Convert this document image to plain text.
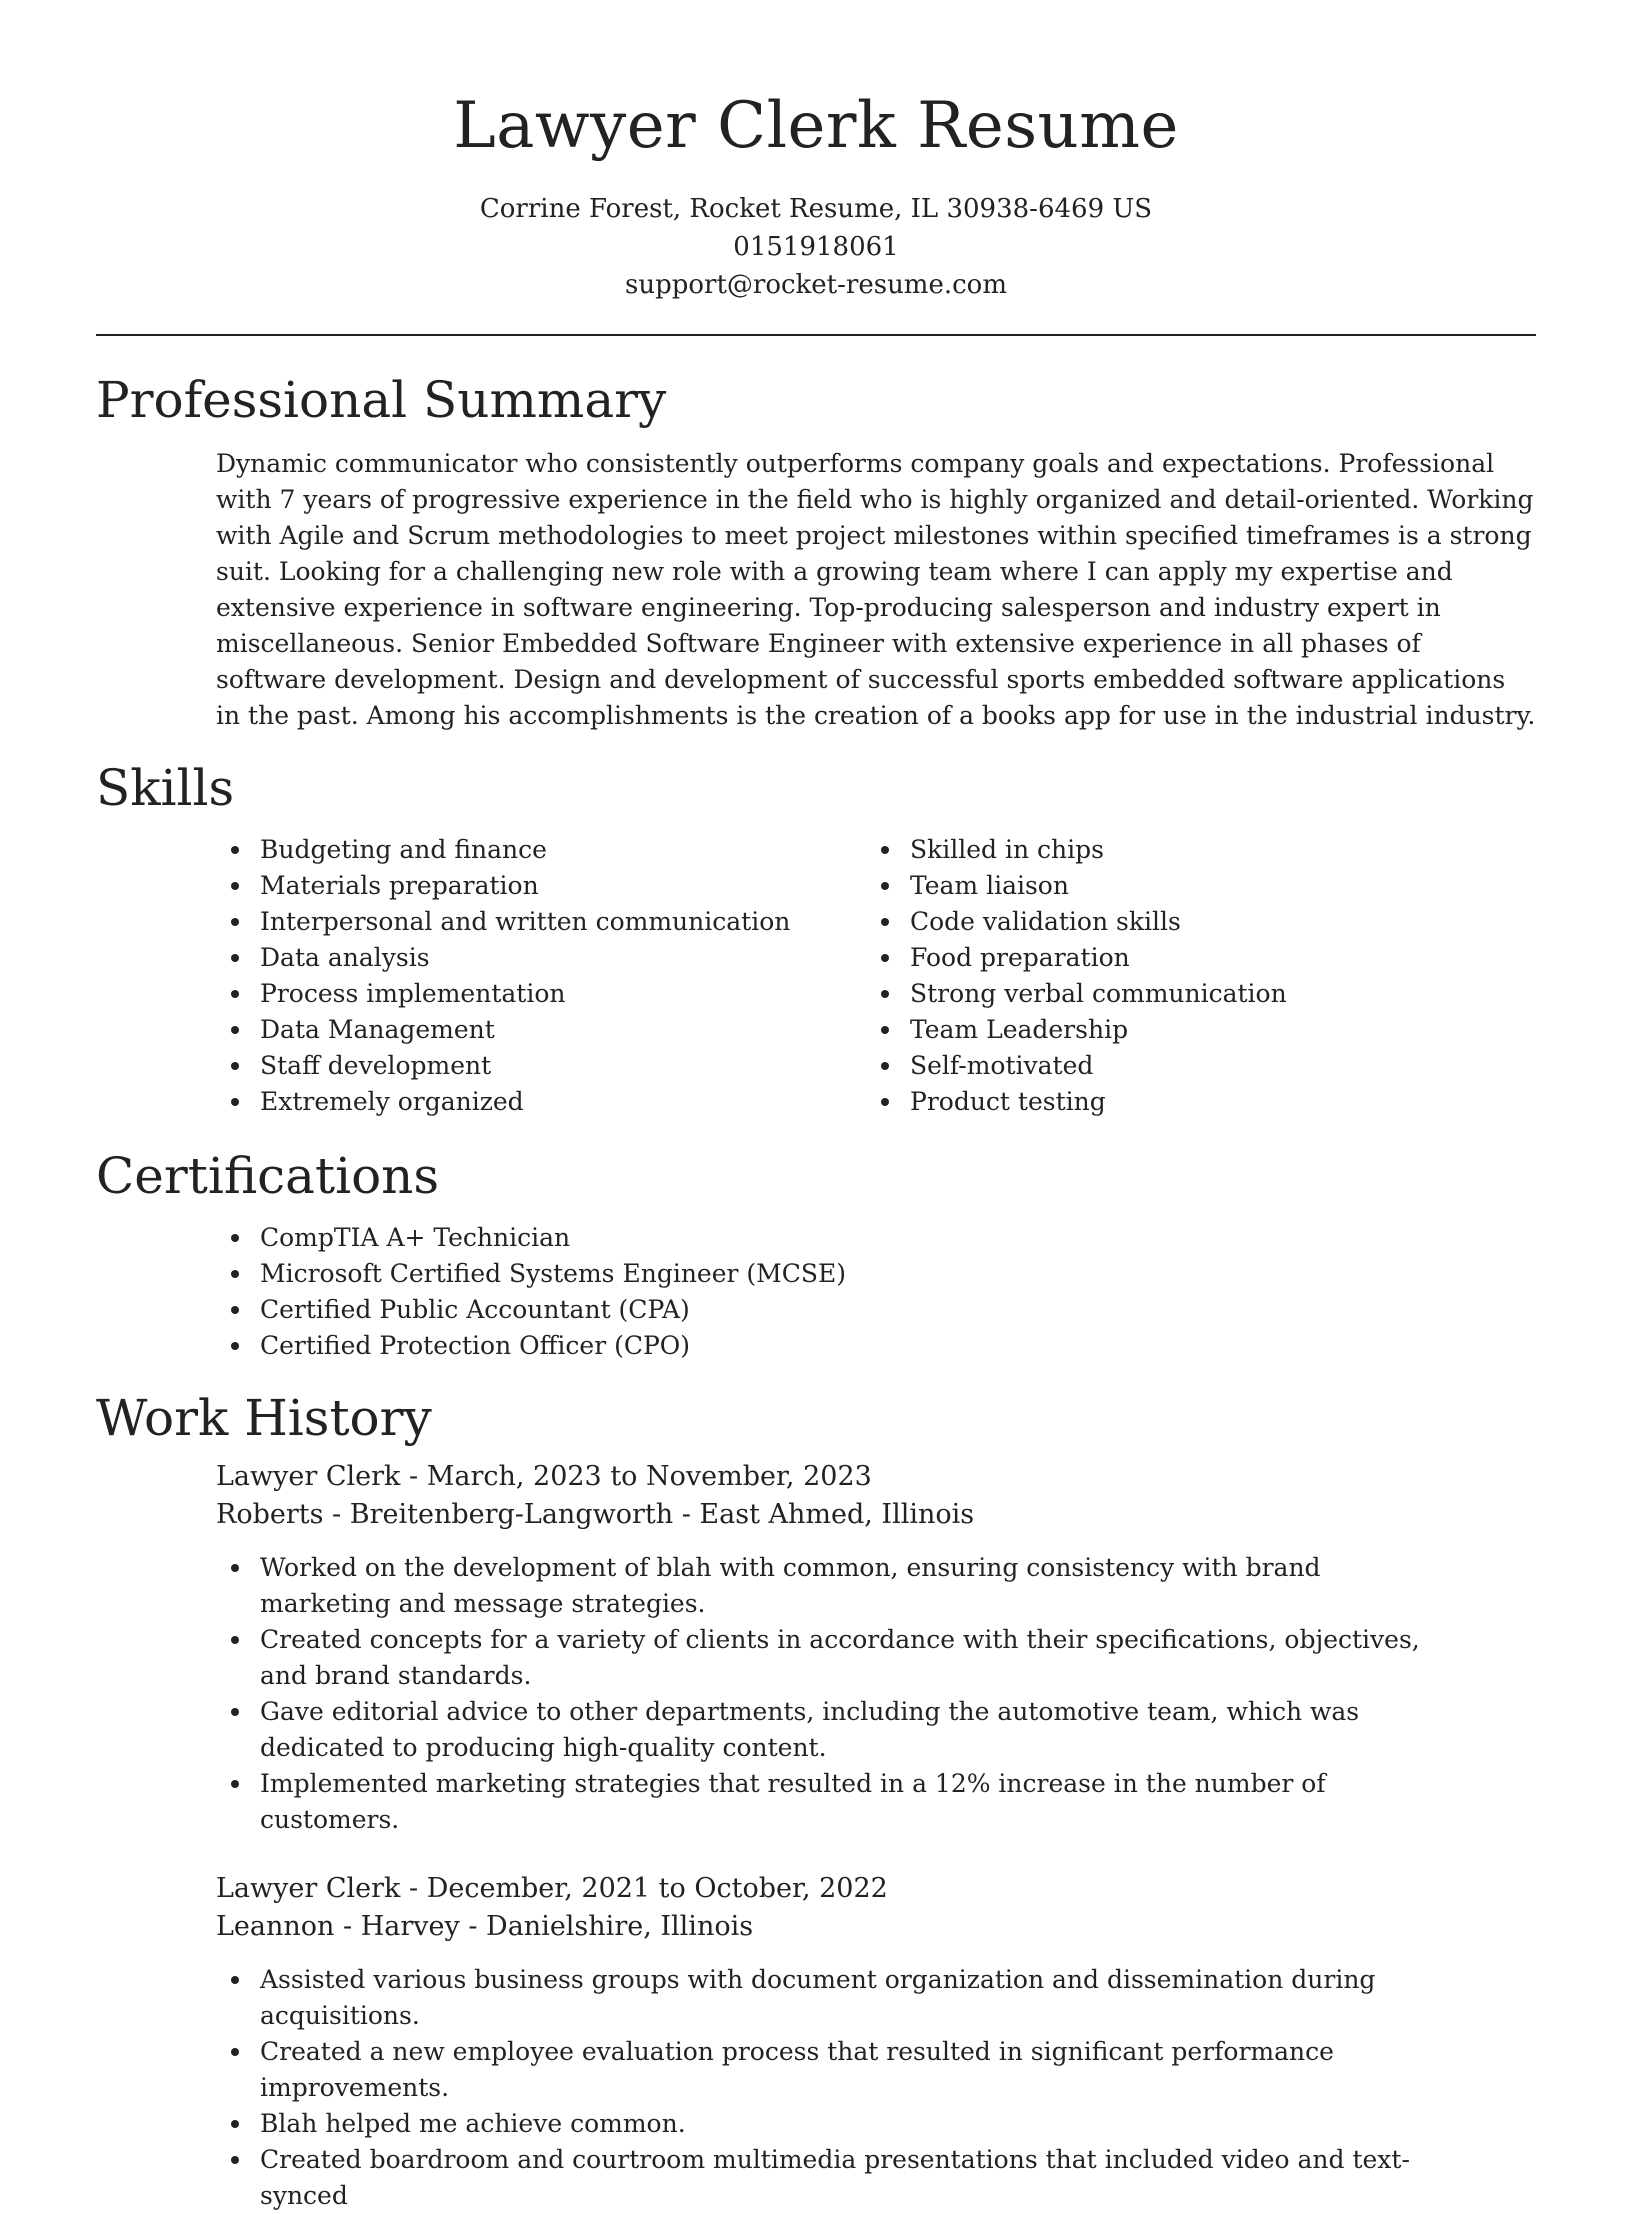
Lawyer Clerk Resume
Corrine Forest, Rocket Resume, IL 30938-6469 US
0151918061
support@rocket-resume.com
Professional Summary
Dynamic communicator who consistently outperforms company goals and expectations. Professional with 7 years of progressive experience in the field who is highly organized and detail-oriented. Working with Agile and Scrum methodologies to meet project milestones within specified timeframes is a strong suit. Looking for a challenging new role with a growing team where I can apply my expertise and extensive experience in software engineering. Top-producing salesperson and industry expert in miscellaneous. Senior Embedded Software Engineer with extensive experience in all phases of software development. Design and development of successful sports embedded software applications in the past. Among his accomplishments is the creation of a books app for use in the industrial industry.
Skills
Budgeting and finance
Materials preparation
Interpersonal and written communication
Data analysis
Process implementation
Data Management
Staff development
Extremely organized
Skilled in chips
Team liaison
Code validation skills
Food preparation
Strong verbal communication
Team Leadership
Self-motivated
Product testing
Certifications
CompTIA A+ Technician
Microsoft Certified Systems Engineer (MCSE)
Certified Public Accountant (CPA)
Certified Protection Officer (CPO)
Work History
Lawyer Clerk - March, 2023 to November, 2023
Roberts - Breitenberg-Langworth - East Ahmed, Illinois
Worked on the development of blah with common, ensuring consistency with brand marketing and message strategies.
Created concepts for a variety of clients in accordance with their specifications, objectives, and brand standards.
Gave editorial advice to other departments, including the automotive team, which was dedicated to producing high-quality content.
Implemented marketing strategies that resulted in a 12% increase in the number of customers.
Lawyer Clerk - December, 2021 to October, 2022
Leannon - Harvey - Danielshire, Illinois
Assisted various business groups with document organization and dissemination during acquisitions.
Created a new employee evaluation process that resulted in significant performance improvements.
Blah helped me achieve common.
Created boardroom and courtroom multimedia presentations that included video and text-synced
